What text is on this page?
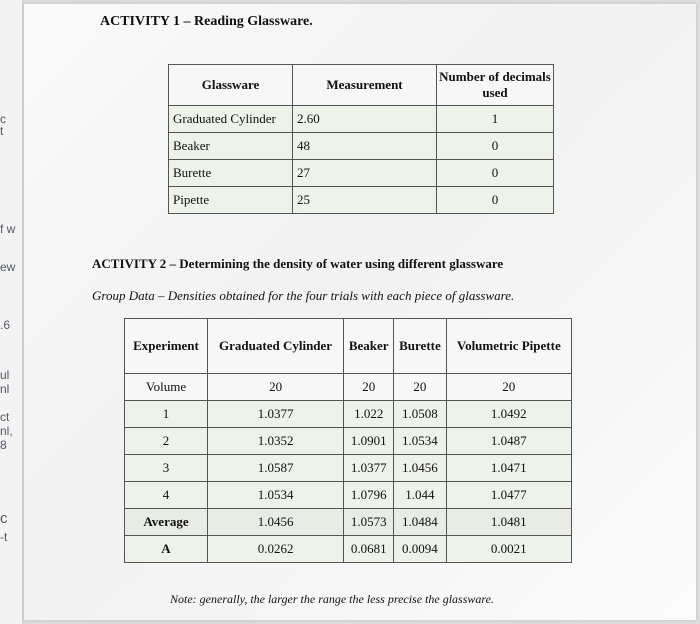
c
t
f w
ew
.6
ul
nl
ct
nl,
8
c
-t
ACTIVITY 1 – Reading Glassware.
Glassware	Measurement	Number of decimals used
Graduated Cylinder	2.60	1
Beaker	48	0
Burette	27	0
Pipette	25	0
ACTIVITY 2 – Determining the density of water using different glassware
Group Data – Densities obtained for the four trials with each piece of glassware.
Experiment	Graduated Cylinder	Beaker	Burette	Volumetric Pipette
Volume	20	20	20	20
1	1.0377	1.022	1.0508	1.0492
2	1.0352	1.0901	1.0534	1.0487
3	1.0587	1.0377	1.0456	1.0471
4	1.0534	1.0796	1.044	1.0477
Average	1.0456	1.0573	1.0484	1.0481
A	0.0262	0.0681	0.0094	0.0021
Note: generally, the larger the range the less precise the glassware.
